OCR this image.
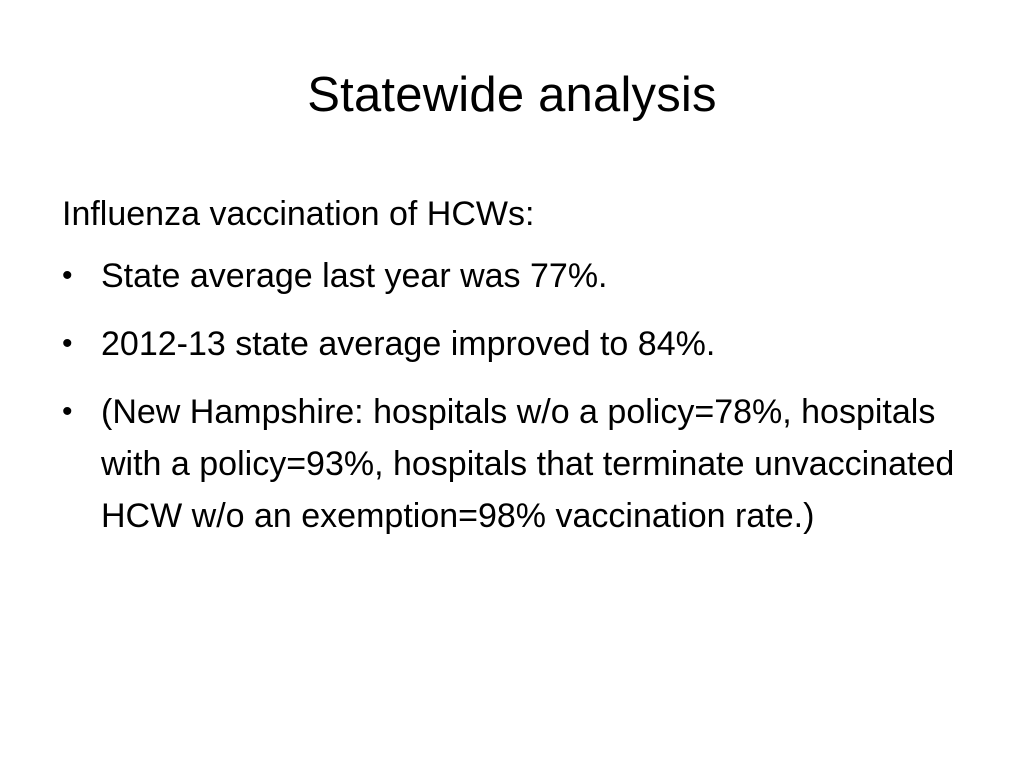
Statewide analysis
Influenza vaccination of HCWs:
• State average last year was 77%.
• 2012-13 state average improved to 84%.
• (New Hampshire: hospitals w/o a policy=78%, hospitals with a policy=93%, hospitals that terminate unvaccinated HCW w/o an exemption=98% vaccination rate.)
